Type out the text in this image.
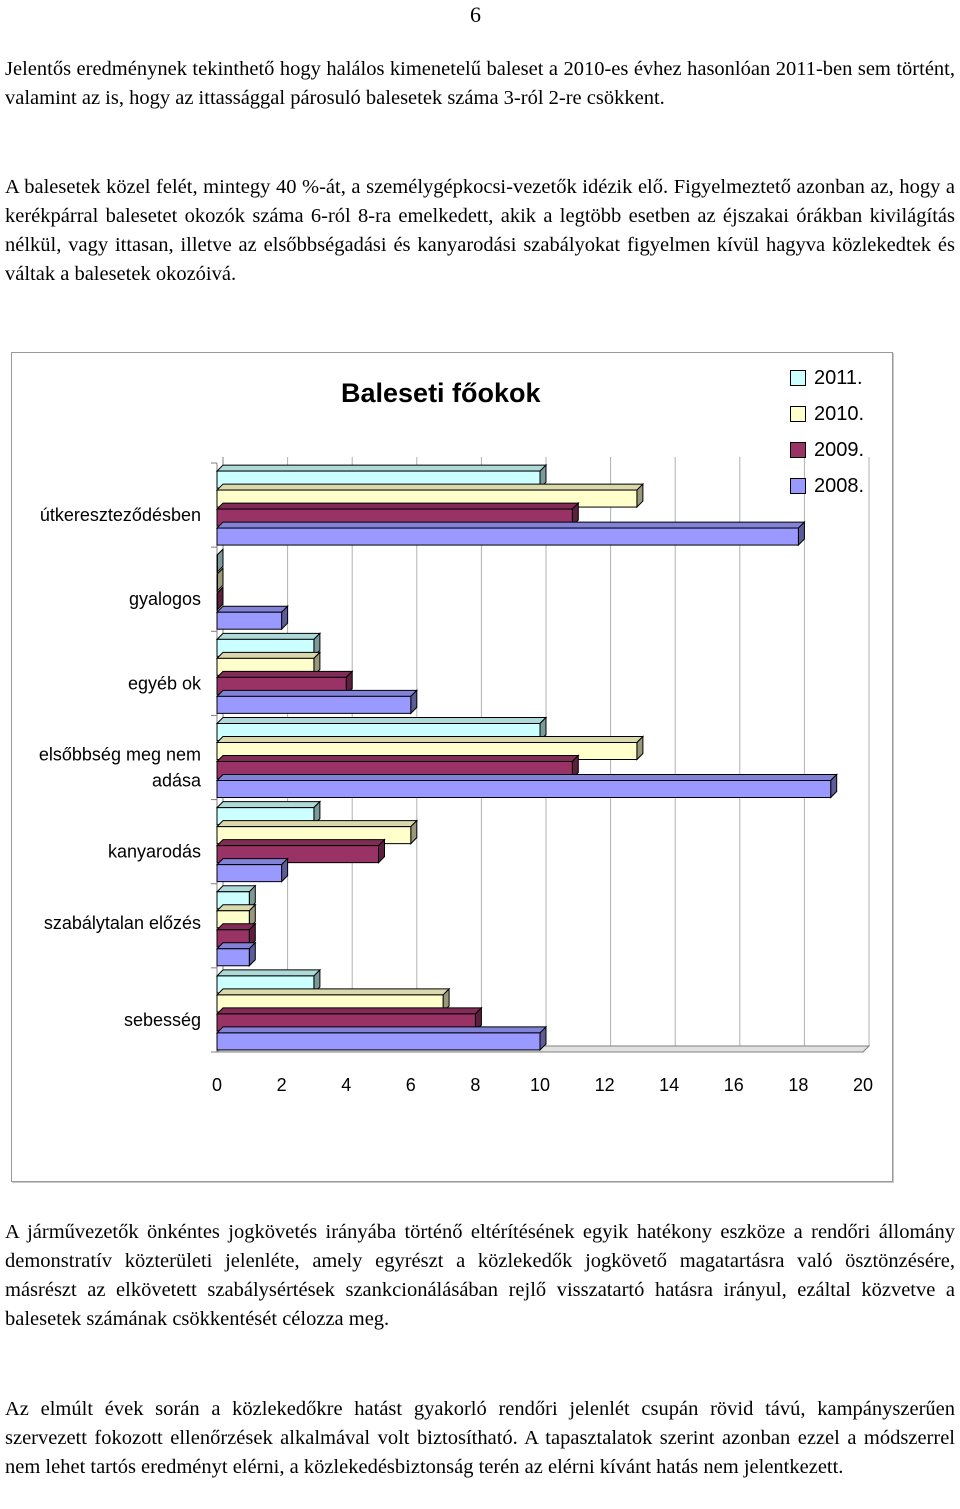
6

Jelentős eredménynek tekinthető hogy halálos kimenetelű baleset a 2010-es évhez hasonlóan 2011-ben sem történt, valamint az is, hogy az ittassággal párosuló balesetek száma 3-ról 2-re csökkent.

A balesetek közel felét, mintegy 40 %-át, a személygépkocsi-vezetők idézik elő. Figyelmeztető azonban az, hogy a kerékpárral balesetet okozók száma 6-ról 8-ra emelkedett, akik a legtöbb esetben az éjszakai órákban kivilágítás nélkül, vagy ittasan, illetve az elsőbbségadási és kanyarodási szabályokat figyelmen kívül hagyva közlekedtek és váltak a balesetek okozóivá.

útkereszteződésben
gyalogos
egyéb ok
elsőbbség meg nem
adása
kanyarodás
szabálytalan előzés
sebesség
0	2	4	6	8	10 12 14 16 18 20
Baleseti főokok
2011.
2010.
2009.
2008.

A járművezetők önkéntes jogkövetés irányába történő eltérítésének egyik hatékony eszköze a rendőri állomány demonstratív közterületi jelenléte, amely egyrészt a közlekedők jogkövető magatartásra való ösztönzésére, másrészt az elkövetett szabálysértések szankcionálásában rejlő visszatartó hatásra irányul, ezáltal közvetve a balesetek számának csökkentését célozza meg.

Az elmúlt évek során a közlekedőkre hatást gyakorló rendőri jelenlét csupán rövid távú, kampányszerűen szervezett fokozott ellenőrzések alkalmával volt biztosítható. A tapasztalatok szerint azonban ezzel a módszerrel nem lehet tartós eredményt elérni, a közlekedésbiztonság terén az elérni kívánt hatás nem jelentkezett.
